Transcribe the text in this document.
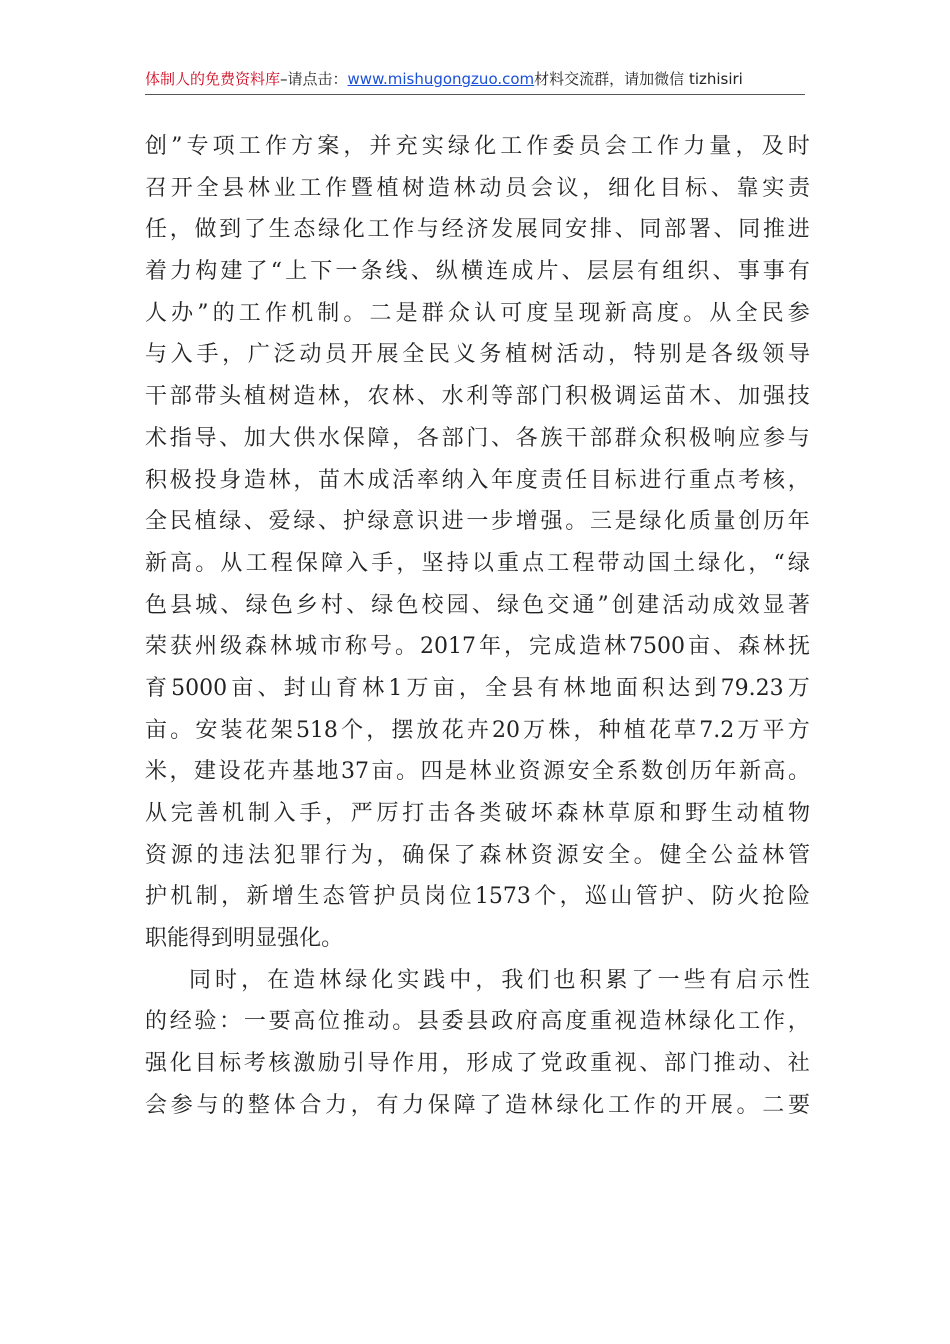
体制人的免费资料库–请点击：www.mishugongzuo.com材料交流群，请加微信 tizhisiri
创 ” 专 项 工 作 方 案 ， 并 充 实 绿 化 工 作 委 员 会 工 作 力 量 ， 及 时
召 开 全 县 林 业 工 作 暨 植 树 造 林 动 员 会 议 ， 细 化 目 标 、 靠 实 责
任 ， 做 到 了 生 态 绿 化 工 作 与 经 济 发 展 同 安 排 、 同 部 署 、 同 推 进
着 力 构 建 了 “ 上 下 一 条 线 、 纵 横 连 成 片 、 层 层 有 组 织 、 事 事 有
人 办 ” 的 工 作 机 制 。 二 是 群 众 认 可 度 呈 现 新 高 度 。 从 全 民 参
与 入 手 ， 广 泛 动 员 开 展 全 民 义 务 植 树 活 动 ， 特 别 是 各 级 领 导
干 部 带 头 植 树 造 林 ， 农 林 、 水 利 等 部 门 积 极 调 运 苗 木 、 加 强 技
术 指 导 、 加 大 供 水 保 障 ， 各 部 门 、 各 族 干 部 群 众 积 极 响 应 参 与
积 极 投 身 造 林 ， 苗 木 成 活 率 纳 入 年 度 责 任 目 标 进 行 重 点 考 核 ，
全 民 植 绿 、 爱 绿 、 护 绿 意 识 进 一 步 增 强 。 三 是 绿 化 质 量 创 历 年
新 高 。 从 工 程 保 障 入 手 ， 坚 持 以 重 点 工 程 带 动 国 土 绿 化 ， “ 绿
色 县 城 、 绿 色 乡 村 、 绿 色 校 园 、 绿 色 交 通 ” 创 建 活 动 成 效 显 著
荣 获 州 级 森 林 城 市 称 号 。 2017 年 ， 完 成 造 林 7500 亩 、 森 林 抚
育 5000 亩 、 封 山 育 林 1 万 亩 ， 全 县 有 林 地 面 积 达 到 79.23 万
亩 。 安 装 花 架 518 个 ， 摆 放 花 卉 20 万 株 ， 种 植 花 草 7.2 万 平 方
米 ， 建 设 花 卉 基 地 37 亩 。 四 是 林 业 资 源 安 全 系 数 创 历 年 新 高 。
从 完 善 机 制 入 手 ， 严 厉 打 击 各 类 破 坏 森 林 草 原 和 野 生 动 植 物
资 源 的 违 法 犯 罪 行 为 ， 确 保 了 森 林 资 源 安 全 。 健 全 公 益 林 管
护 机 制 ， 新 增 生 态 管 护 员 岗 位 1573 个 ， 巡 山 管 护 、 防 火 抢 险
职 能 得 到 明 显 强 化 。
同 时 ， 在 造 林 绿 化 实 践 中 ， 我 们 也 积 累 了 一 些 有 启 示 性
的 经 验 ： 一 要 高 位 推 动 。 县 委 县 政 府 高 度 重 视 造 林 绿 化 工 作 ，
强 化 目 标 考 核 激 励 引 导 作 用 ， 形 成 了 党 政 重 视 、 部 门 推 动 、 社
会 参 与 的 整 体 合 力 ， 有 力 保 障 了 造 林 绿 化 工 作 的 开 展 。 二 要
